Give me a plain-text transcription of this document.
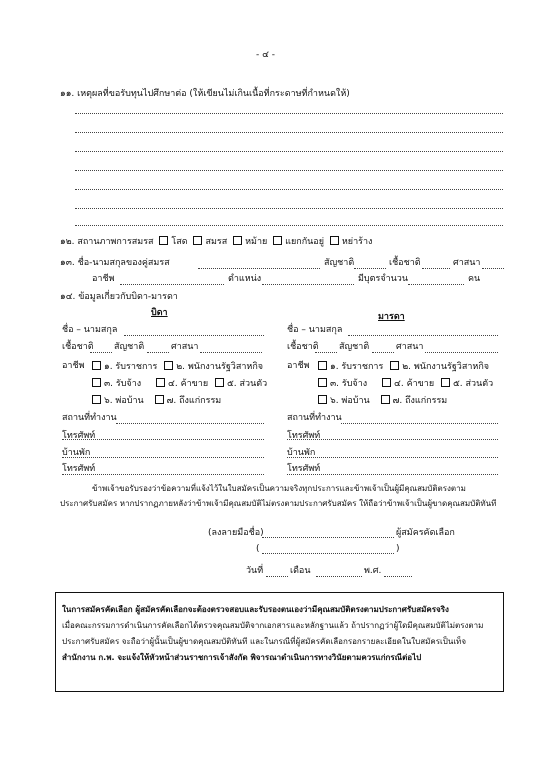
- ๔ -
๑๑. เหตุผลที่ขอรับทุนไปศึกษาต่อ (ให้เขียนไม่เกินเนื้อที่กระดาษที่กำหนดให้)
๑๒. สถานภาพการสมรส โสด สมรส หม้าย แยกกันอยู่ หย่าร้าง
๑๓. ชื่อ-นามสกุลของคู่สมรส	สัญชาติ	เชื้อชาติ	ศาสนา
อาชีพ	ตำแหน่ง	มีบุตรจำนวน	คน
๑๔. ข้อมูลเกี่ยวกับบิดา-มารดา
บิดา
ชื่อ – นามสกุล
เชื้อชาติ สัญชาติ	ศาสนา
อาชีพ	๑. รับราชการ ๒. พนักงานรัฐวิสาหกิจ
๓. รับจ้าง	๔. ค้าขาย ๕. ส่วนตัว
๖. พ่อบ้าน	๗. ถึงแก่กรรม
สถานที่ทำงาน
โทรศัพท์
บ้านพัก
โทรศัพท์
มารดา
ชื่อ – นามสกุล
เชื้อชาติ สัญชาติ	ศาสนา
อาชีพ	๑. รับราชการ ๒. พนักงานรัฐวิสาหกิจ
๓. รับจ้าง	๔. ค้าขาย ๕. ส่วนตัว
๖. พ่อบ้าน	๗. ถึงแก่กรรม
สถานที่ทำงาน
โทรศัพท์
บ้านพัก
โทรศัพท์
ข้าพเจ้าขอรับรองว่าข้อความที่แจ้งไว้ในใบสมัครเป็นความจริงทุกประการและข้าพเจ้าเป็นผู้มีคุณสมบัติตรงตาม
ประกาศรับสมัคร หากปรากฏภายหลังว่าข้าพเจ้ามีคุณสมบัติไม่ตรงตามประกาศรับสมัคร ให้ถือว่าข้าพเจ้าเป็นผู้ขาดคุณสมบัติทันที
(ลงลายมือชื่อ)	ผู้สมัครคัดเลือก
(	)
วันที่	เดือน	พ.ศ.
ในการสมัครคัดเลือก ผู้สมัครคัดเลือกจะต้องตรวจสอบและรับรองตนเองว่ามีคุณสมบัติตรงตามประกาศรับสมัครจริง
เมื่อคณะกรรมการดำเนินการคัดเลือกได้ตรวจคุณสมบัติจากเอกสารและหลักฐานแล้ว ถ้าปรากฏว่าผู้ใดมีคุณสมบัติไม่ตรงตาม
ประกาศรับสมัคร จะถือว่าผู้นั้นเป็นผู้ขาดคุณสมบัติทันที และในกรณีที่ผู้สมัครคัดเลือกรอกรายละเอียดในใบสมัครเป็นเท็จ
สำนักงาน ก.พ. จะแจ้งให้หัวหน้าส่วนราชการเจ้าสังกัด พิจารณาดำเนินการทางวินัยตามควรแก่กรณีต่อไป
